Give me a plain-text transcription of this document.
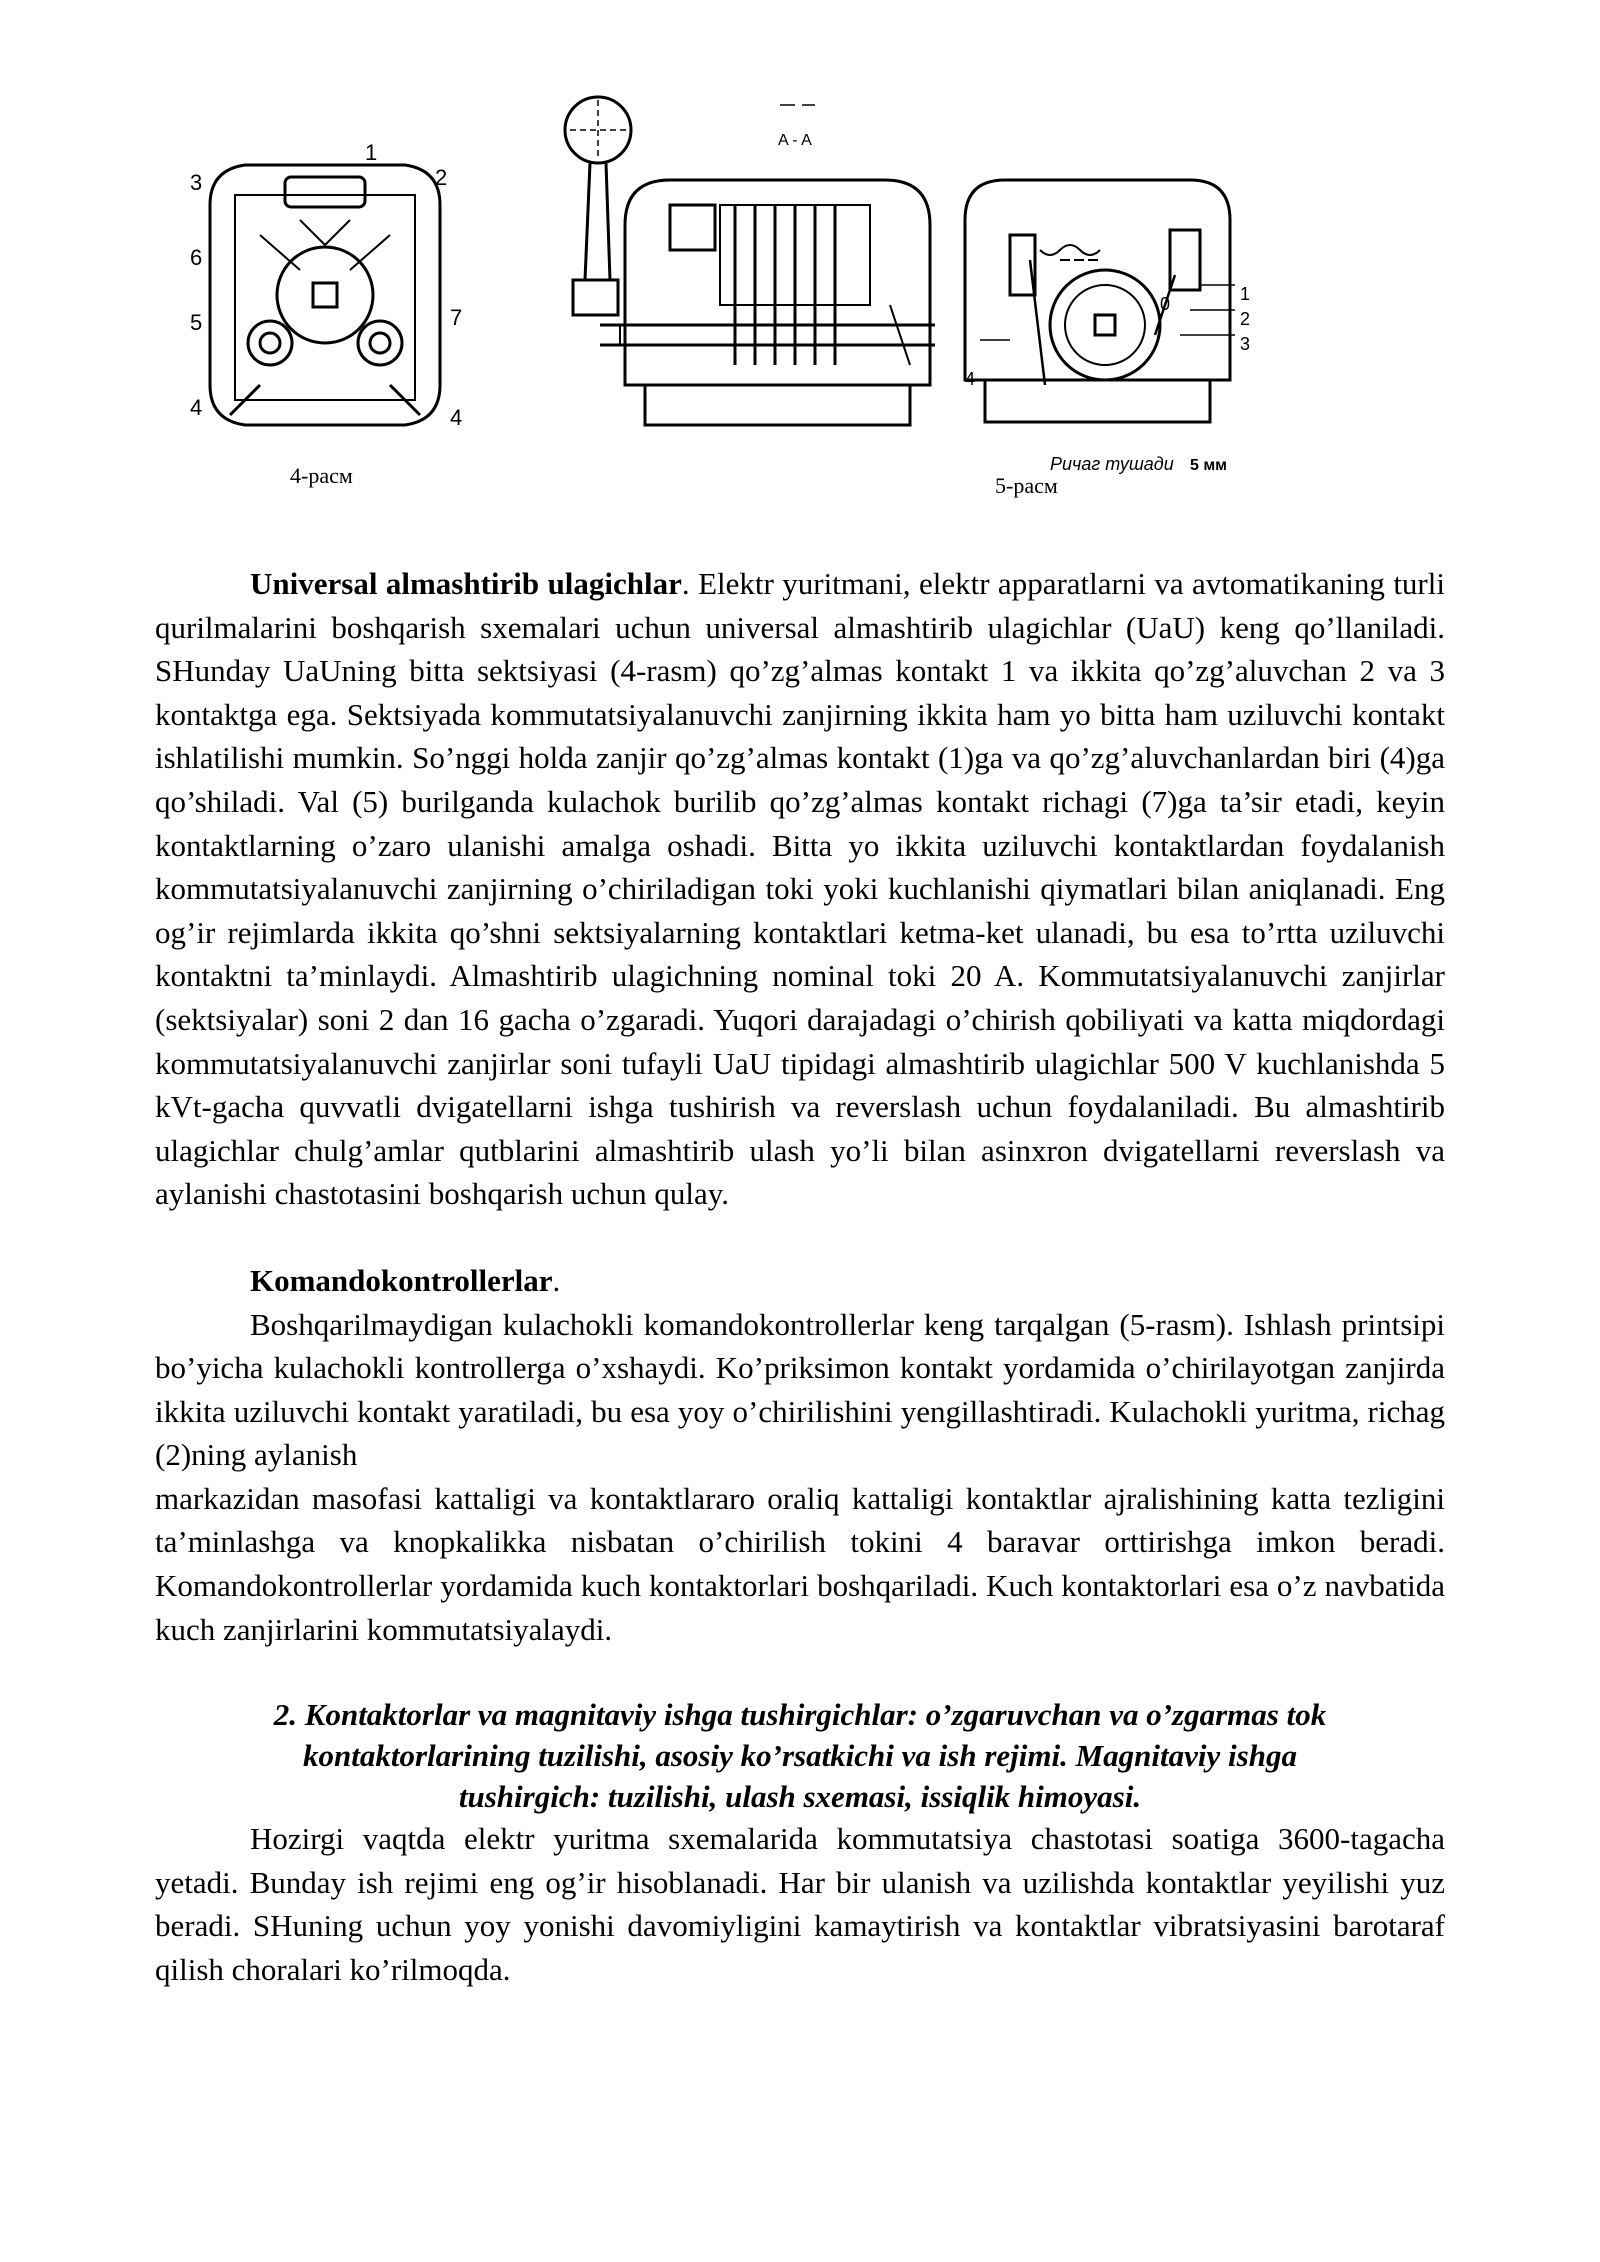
1
2
3
6
5	7
4	4
A - A
0	1
2
3
4
Ричаг тушади 5 мм
4-расм	5-расм

Universal almashtirib ulagichlar. Elektr yuritmani, elektr apparatlarni va avtomatikaning turli qurilmalarini boshqarish sxemalari uchun universal almashtirib ulagichlar (UaU) keng qo’llaniladi. SHunday UaUning bitta sektsiyasi (4-rasm) qo’zg’almas kontakt 1 va ikkita qo’zg’aluvchan 2 va 3 kontaktga ega. Sektsiyada kommutatsiyalanuvchi zanjirning ikkita ham yo bitta ham uziluvchi kontakt ishlatilishi mumkin. So’nggi holda zanjir qo’zg’almas kontakt (1)ga va qo’zg’aluvchanlardan biri (4)ga qo’shiladi. Val (5) burilganda kulachok burilib qo’zg’almas kontakt richagi (7)ga ta’sir etadi, keyin kontaktlarning o’zaro ulanishi amalga oshadi. Bitta yo ikkita uziluvchi kontaktlardan foydalanish kommutatsiyalanuvchi zanjirning o’chiriladigan toki yoki kuchlanishi qiymatlari bilan aniqlanadi. Eng og’ir rejimlarda ikkita qo’shni sektsiyalarning kontaktlari ketma-ket ulanadi, bu esa to’rtta uziluvchi kontaktni ta’minlaydi. Almashtirib ulagichning nominal toki 20 A. Kommutatsiyalanuvchi zanjirlar (sektsiyalar) soni 2 dan 16 gacha o’zgaradi. Yuqori darajadagi o’chirish qobiliyati va katta miqdordagi kommutatsiyalanuvchi zanjirlar soni tufayli UaU tipidagi almashtirib ulagichlar 500 V kuchlanishda 5 kVt-gacha quvvatli dvigatellarni ishga tushirish va reverslash uchun foydalaniladi. Bu almashtirib ulagichlar chulg’amlar qutblarini almashtirib ulash yo’li bilan asinxron dvigatellarni reverslash va aylanishi chastotasini boshqarish uchun qulay.

Komandokontrollerlar.

Boshqarilmaydigan kulachokli komandokontrollerlar keng tarqalgan (5-rasm). Ishlash printsipi bo’yicha kulachokli kontrollerga o’xshaydi. Ko’priksimon kontakt yordamida o’chirilayotgan zanjirda ikkita uziluvchi kontakt yaratiladi, bu esa yoy o’chirilishini yengillashtiradi. Kulachokli yuritma, richag (2)ning aylanish

markazidan masofasi kattaligi va kontaktlararo oraliq kattaligi kontaktlar ajralishining katta tezligini ta’minlashga va knopkalikka nisbatan o’chirilish tokini 4 baravar orttirishga imkon beradi. Komandokontrollerlar yordamida kuch kontaktorlari boshqariladi. Kuch kontaktorlari esa o’z navbatida kuch zanjirlarini kommutatsiyalaydi.

2. Kontaktorlar va magnitaviy ishga tushirgichlar: o’zgaruvchan va o’zgarmas tok

kontaktorlarining tuzilishi, asosiy ko’rsatkichi va ish rejimi. Magnitaviy ishga

tushirgich: tuzilishi, ulash sxemasi, issiqlik himoyasi.

Hozirgi vaqtda elektr yuritma sxemalarida kommutatsiya chastotasi soatiga 3600-tagacha yetadi. Bunday ish rejimi eng og’ir hisoblanadi. Har bir ulanish va uzilishda kontaktlar yeyilishi yuz beradi. SHuning uchun yoy yonishi davomiyligini kamaytirish va kontaktlar vibratsiyasini barotaraf qilish choralari ko’rilmoqda.
